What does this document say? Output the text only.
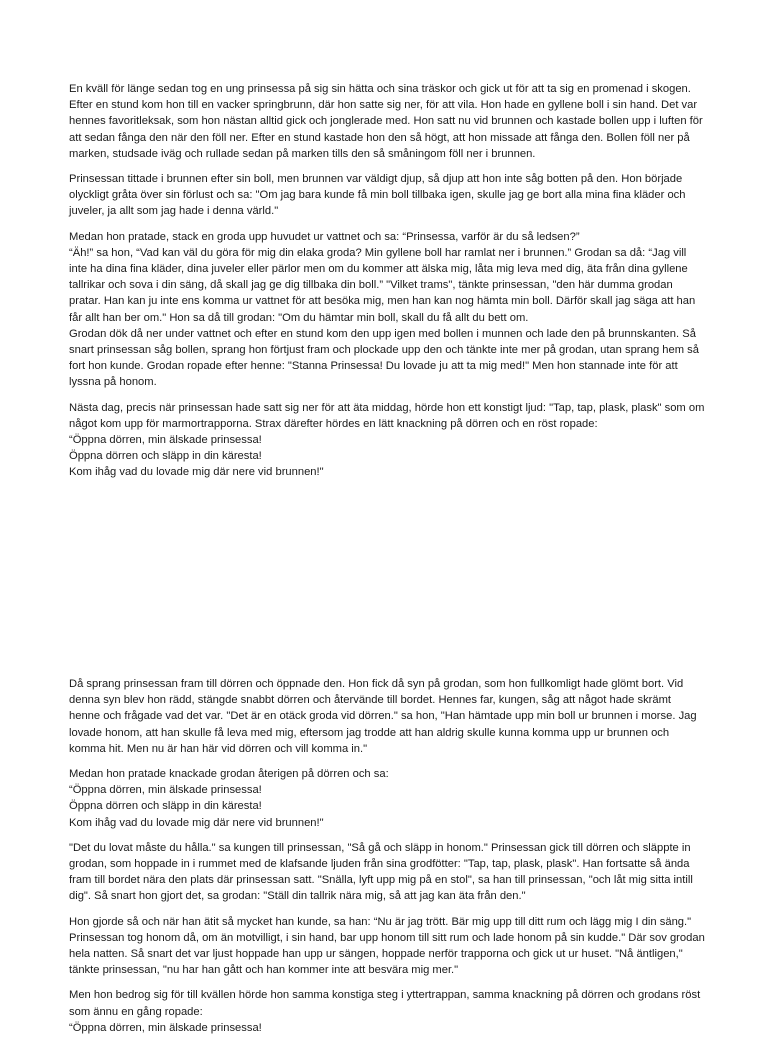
En kväll för länge sedan tog en ung prinsessa på sig sin hätta och sina träskor och gick ut för att ta sig en promenad i skogen. Efter en stund kom hon till en vacker springbrunn, där hon satte sig ner, för att vila. Hon hade en gyllene boll i sin hand. Det var hennes favoritleksak, som hon nästan alltid gick och jonglerade med. Hon satt nu vid brunnen och kastade bollen upp i luften för att sedan fånga den när den föll ner. Efter en stund kastade hon den så högt, att hon missade att fånga den. Bollen föll ner på marken, studsade iväg och rullade sedan på marken tills den så småningom föll ner i brunnen.

Prinsessan tittade i brunnen efter sin boll, men brunnen var väldigt djup, så djup att hon inte såg botten på den. Hon började olyckligt gråta över sin förlust och sa: "Om jag bara kunde få min boll tillbaka igen, skulle jag ge bort alla mina fina kläder och juveler, ja allt som jag hade i denna värld."

Medan hon pratade, stack en groda upp huvudet ur vattnet och sa: “Prinsessa, varför är du så ledsen?”
“Äh!” sa hon, “Vad kan väl du göra för mig din elaka groda? Min gyllene boll har ramlat ner i brunnen.” Grodan sa då: “Jag vill inte ha dina fina kläder, dina juveler eller pärlor men om du kommer att älska mig, låta mig leva med dig, äta från dina gyllene tallrikar och sova i din säng, då skall jag ge dig tillbaka din boll.” "Vilket trams", tänkte prinsessan, "den här dumma grodan pratar. Han kan ju inte ens komma ur vattnet för att besöka mig, men han kan nog hämta min boll. Därför skall jag säga att han får allt han ber om." Hon sa då till grodan: "Om du hämtar min boll, skall du få allt du bett om.
Grodan dök då ner under vattnet och efter en stund kom den upp igen med bollen i munnen och lade den på brunnskanten. Så snart prinsessan såg bollen, sprang hon förtjust fram och plockade upp den och tänkte inte mer på grodan, utan sprang hem så fort hon kunde. Grodan ropade efter henne: "Stanna Prinsessa! Du lovade ju att ta mig med!" Men hon stannade inte för att lyssna på honom.

Nästa dag, precis när prinsessan hade satt sig ner för att äta middag, hörde hon ett konstigt ljud: "Tap, tap, plask, plask" som om något kom upp för marmortrapporna. Strax därefter hördes en lätt knackning på dörren och en röst ropade:
“Öppna dörren, min älskade prinsessa!
Öppna dörren och släpp in din käresta!
Kom ihåg vad du lovade mig där nere vid brunnen!"

Då sprang prinsessan fram till dörren och öppnade den. Hon fick då syn på grodan, som hon fullkomligt hade glömt bort. Vid denna syn blev hon rädd, stängde snabbt dörren och återvände till bordet. Hennes far, kungen, såg att något hade skrämt henne och frågade vad det var. "Det är en otäck groda vid dörren." sa hon, "Han hämtade upp min boll ur brunnen i morse. Jag lovade honom, att han skulle få leva med mig, eftersom jag trodde att han aldrig skulle kunna komma upp ur brunnen och komma hit. Men nu är han här vid dörren och vill komma in."

Medan hon pratade knackade grodan återigen på dörren och sa:
“Öppna dörren, min älskade prinsessa!
Öppna dörren och släpp in din käresta!
Kom ihåg vad du lovade mig där nere vid brunnen!"

"Det du lovat måste du hålla." sa kungen till prinsessan, "Så gå och släpp in honom." Prinsessan gick till dörren och släppte in grodan, som hoppade in i rummet med de klafsande ljuden från sina grodfötter: "Tap, tap, plask, plask". Han fortsatte så ända fram till bordet nära den plats där prinsessan satt. "Snälla, lyft upp mig på en stol", sa han till prinsessan, "och låt mig sitta intill dig". Så snart hon gjort det, sa grodan: "Ställ din tallrik nära mig, så att jag kan äta från den."

Hon gjorde så och när han ätit så mycket han kunde, sa han: “Nu är jag trött. Bär mig upp till ditt rum och lägg mig I din säng." Prinsessan tog honom då, om än motvilligt, i sin hand, bar upp honom till sitt rum och lade honom på sin kudde." Där sov grodan hela natten. Så snart det var ljust hoppade han upp ur sängen, hoppade nerför trapporna och gick ut ur huset. "Nå äntligen," tänkte prinsessan, "nu har han gått och han kommer inte att besvära mig mer."

Men hon bedrog sig för till kvällen hörde hon samma konstiga steg i yttertrappan, samma knackning på dörren och grodans röst som ännu en gång ropade:
“Öppna dörren, min älskade prinsessa!
